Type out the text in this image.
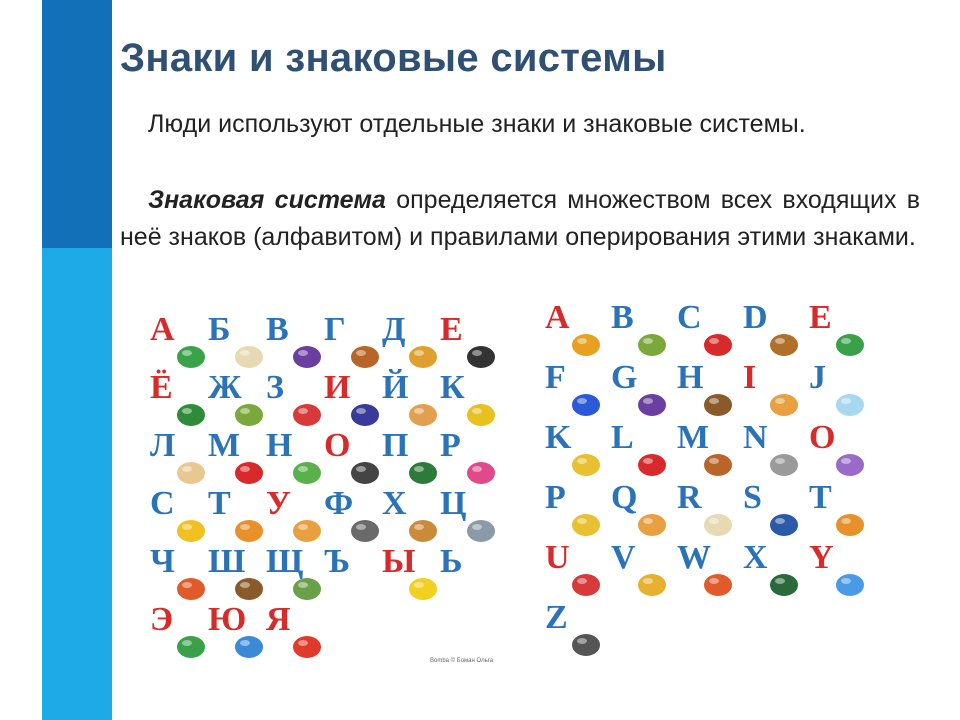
Знаки и знаковые системы

Люди используют отдельные знаки и знаковые системы.

Знаковая система определяется множеством всех входящих в неё знаков (алфавитом) и правилами оперирования этими знаками.

А Б В Г Д Е
Ё Ж З И Й К
Л М Н О П Р
С Т У Ф Х Ц
Ч Ш Щ Ъ Ы Ь
Э Ю Я
A B C D E
F G H I J
K L M N O
P Q R S T
U V W X Y
Z
Bomba © Боман Ольга
